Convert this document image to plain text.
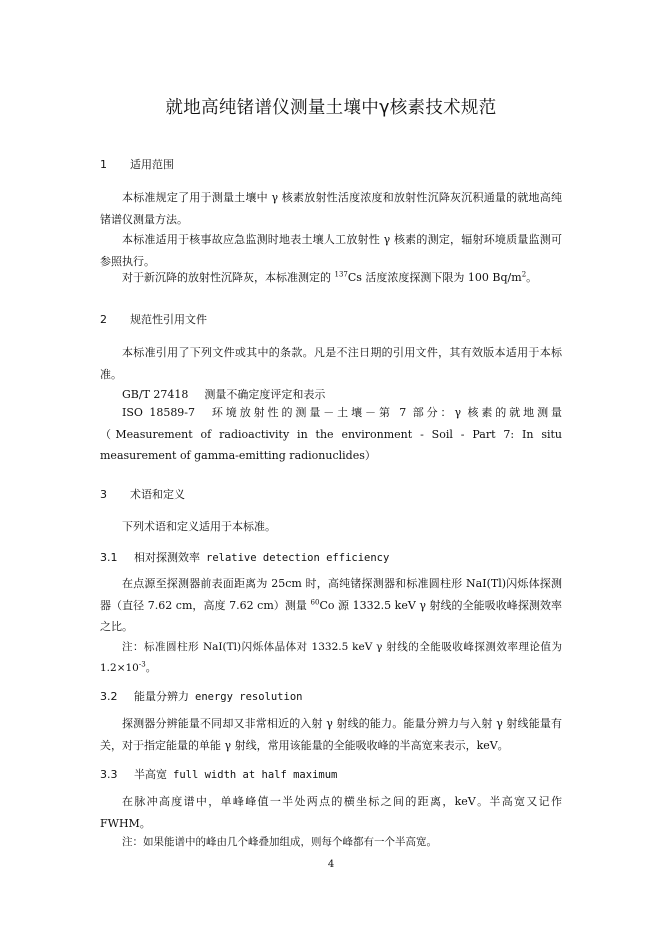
就地高纯锗谱仪测量土壤中γ核素技术规范
1 适用范围
本标准规定了用于测量土壤中 γ 核素放射性活度浓度和放射性沉降灰沉积通量的就地高纯锗谱仪测量方法。
本标准适用于核事故应急监测时地表土壤人工放射性 γ 核素的测定，辐射环境质量监测可参照执行。
对于新沉降的放射性沉降灰，本标准测定的 $^{137}$Cs 活度浓度探测下限为 100 $Bq/m^2$。
2 规范性引用文件
本标准引用了下列文件或其中的条款。凡是不注日期的引用文件，其有效版本适用于本标准。
GB/T 27418 测量不确定度评定和表示
ISO 18589-7　环境放射性的测量－土壤－第 7 部分：γ 核素的就地测量（Measurement of radioactivity in the environment - Soil - Part 7: In situ measurement of gamma-emitting radionuclides）
3 术语和定义
下列术语和定义适用于本标准。
3.1 相对探测效率 relative detection efficiency
在点源至探测器前表面距离为 25cm 时，高纯锗探测器和标准圆柱形 NaI(Tl)闪烁体探测器（直径 7.62 cm，高度 7.62 cm）测量 $^{60}$Co 源 1332.5 keV γ 射线的全能吸收峰探测效率之比。
注：标准圆柱形 NaI(Tl)闪烁体晶体对 1332.5 keV γ 射线的全能吸收峰探测效率理论值为 $1.2\times 10^{-3}$。
3.2 能量分辨力 energy resolution
探测器分辨能量不同却又非常相近的入射 γ 射线的能力。能量分辨力与入射 γ 射线能量有关，对于指定能量的单能 γ 射线，常用该能量的全能吸收峰的半高宽来表示，keV。
3.3 半高宽 full width at half maximum
在脉冲高度谱中，单峰峰值一半处两点的横坐标之间的距离，keV。半高宽又记作 FWHM。
注：如果能谱中的峰由几个峰叠加组成，则每个峰都有一个半高宽。
4
